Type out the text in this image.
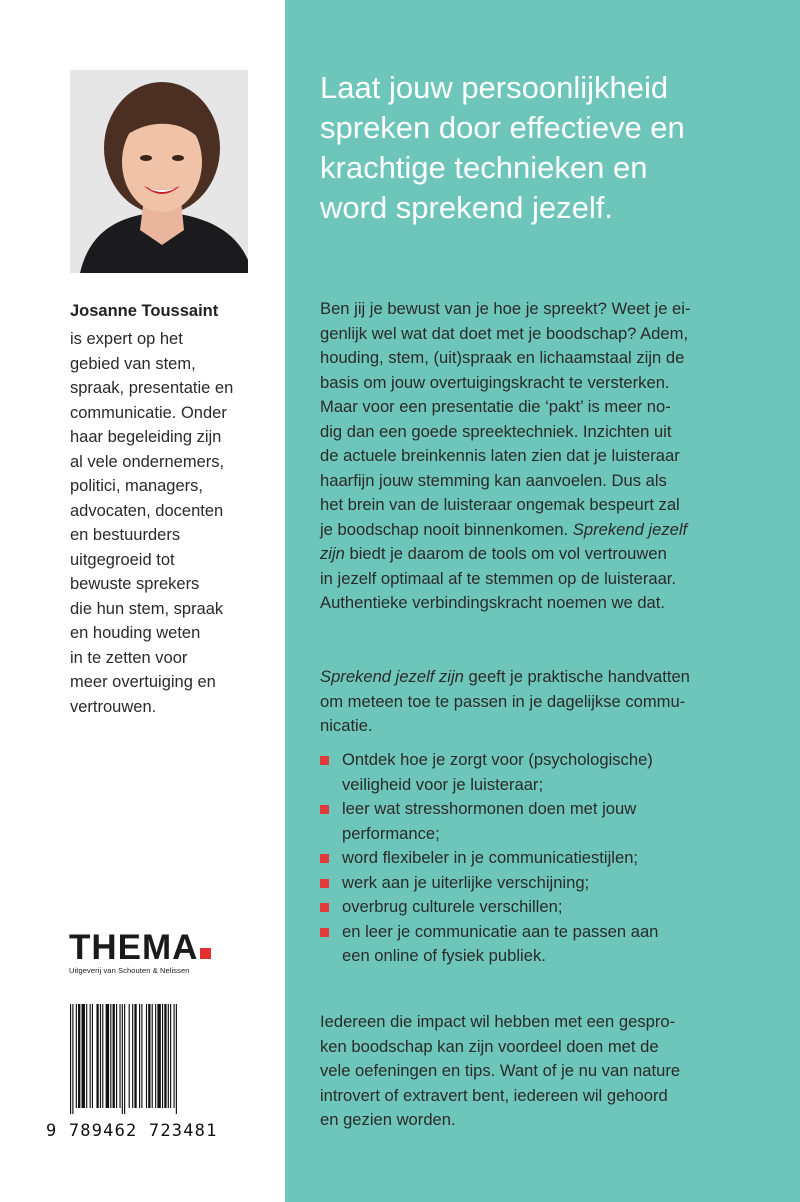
Josanne Toussaint
is expert op het
gebied van stem,
spraak, presentatie en
communicatie. Onder
haar begeleiding zijn
al vele ondernemers,
politici, managers,
advocaten, docenten
en bestuurders
uitgegroeid tot
bewuste sprekers
die hun stem, spraak
en houding weten
in te zetten voor
meer overtuiging en
vertrouwen.
THEMA
Uitgeverij van Schouten & Nelissen
9 789462 723481
Laat jouw persoonlijkheid
spreken door effectieve en
krachtige technieken en
word sprekend jezelf.
Ben jij je bewust van je hoe je spreekt? Weet je ei-
genlijk wel wat dat doet met je boodschap? Adem,
houding, stem, (uit)spraak en lichaamstaal zijn de
basis om jouw overtuigingskracht te versterken.
Maar voor een presentatie die ‘pakt’ is meer no-
dig dan een goede spreektechniek. Inzichten uit
de actuele breinkennis laten zien dat je luisteraar
haarfijn jouw stemming kan aanvoelen. Dus als
het brein van de luisteraar ongemak bespeurt zal
je boodschap nooit binnenkomen. Sprekend jezelf
zijn biedt je daarom de tools om vol vertrouwen
in jezelf optimaal af te stemmen op de luisteraar.
Authentieke verbindingskracht noemen we dat.
Sprekend jezelf zijn geeft je praktische handvatten
om meteen toe te passen in je dagelijkse commu-
nicatie.
Ontdek hoe je zorgt voor (psychologische)
veiligheid voor je luisteraar;
leer wat stresshormonen doen met jouw
performance;
word flexibeler in je communicatiestijlen;
werk aan je uiterlijke verschijning;
overbrug culturele verschillen;
en leer je communicatie aan te passen aan
een online of fysiek publiek.
Iedereen die impact wil hebben met een gespro-
ken boodschap kan zijn voordeel doen met de
vele oefeningen en tips. Want of je nu van nature
introvert of extravert bent, iedereen wil gehoord
en gezien worden.
